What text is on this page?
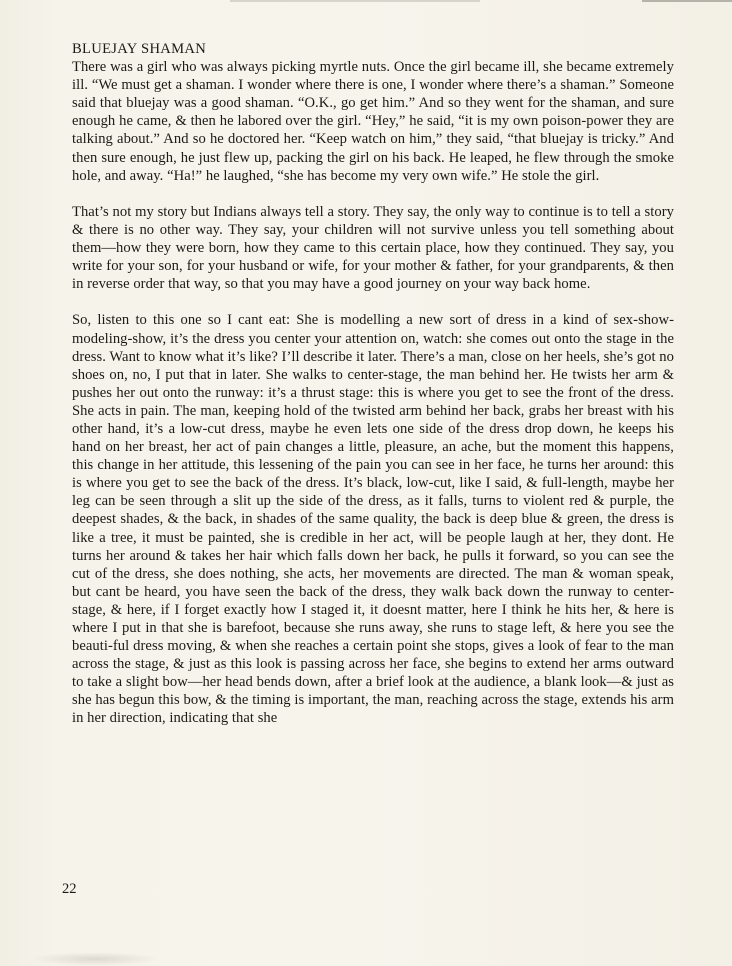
BLUEJAY SHAMAN

There was a girl who was always picking myrtle nuts. Once the girl became ill, she became extremely ill. “We must get a shaman. I wonder where there is one, I wonder where there’s a shaman.” Someone said that bluejay was a good shaman. “O.K., go get him.” And so they went for the shaman, and sure enough he came, & then he labored over the girl. “Hey,” he said, “it is my own poison-power they are talking about.” And so he doctored her. “Keep watch on him,” they said, “that bluejay is tricky.” And then sure enough, he just flew up, packing the girl on his back. He leaped, he flew through the smoke hole, and away. “Ha!” he laughed, “she has become my very own wife.” He stole the girl.

That’s not my story but Indians always tell a story. They say, the only way to continue is to tell a story & there is no other way. They say, your children will not survive unless you tell something about them—how they were born, how they came to this certain place, how they continued. They say, you write for your son, for your husband or wife, for your mother & father, for your grandparents, & then in reverse order that way, so that you may have a good journey on your way back home.

So, listen to this one so I cant eat: She is modelling a new sort of dress in a kind of sex-show-modeling-show, it’s the dress you center your attention on, watch: she comes out onto the stage in the dress. Want to know what it’s like? I’ll describe it later. There’s a man, close on her heels, she’s got no shoes on, no, I put that in later. She walks to center-stage, the man behind her. He twists her arm & pushes her out onto the runway: it’s a thrust stage: this is where you get to see the front of the dress. She acts in pain. The man, keeping hold of the twisted arm behind her back, grabs her breast with his other hand, it’s a low-cut dress, maybe he even lets one side of the dress drop down, he keeps his hand on her breast, her act of pain changes a little, pleasure, an ache, but the moment this happens, this change in her attitude, this lessening of the pain you can see in her face, he turns her around: this is where you get to see the back of the dress. It’s black, low-cut, like I said, & full-length, maybe her leg can be seen through a slit up the side of the dress, as it falls, turns to violent red & purple, the deepest shades, & the back, in shades of the same quality, the back is deep blue & green, the dress is like a tree, it must be painted, she is credible in her act, will be people laugh at her, they dont. He turns her around & takes her hair which falls down her back, he pulls it forward, so you can see the cut of the dress, she does nothing, she acts, her movements are directed. The man & woman speak, but cant be heard, you have seen the back of the dress, they walk back down the runway to center-stage, & here, if I forget exactly how I staged it, it doesnt matter, here I think he hits her, & here is where I put in that she is barefoot, because she runs away, she runs to stage left, & here you see the beauti-ful dress moving, & when she reaches a certain point she stops, gives a look of fear to the man across the stage, & just as this look is passing across her face, she begins to extend her arms outward to take a slight bow—her head bends down, after a brief look at the audience, a blank look—& just as she has begun this bow, & the timing is important, the man, reaching across the stage, extends his arm in her direction, indicating that she

22
